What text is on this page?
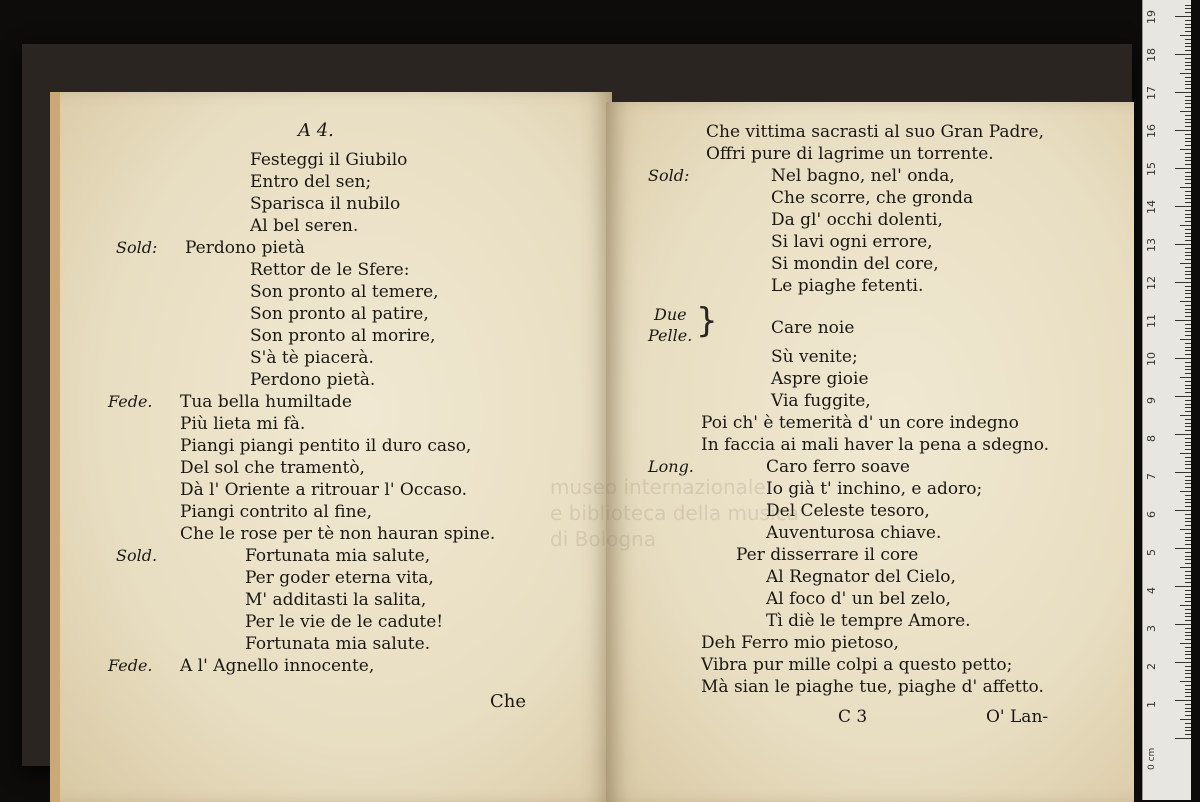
A 4.
Che
Festeggi il Giubilo
Entro del sen;
Sparisca il nubilo
Al bel seren.
Sold: Perdono pietà
Rettor de le Sfere:
Son pronto al temere,
Son pronto al patire,
Son pronto al morire,
S'à tè piacerà.
Perdono pietà.
Fede. Tua bella humiltade
Più lieta mi fà.
Piangi piangi pentito il duro caso,
Del sol che tramentò,
Dà l' Oriente a ritrouar l' Occaso.
Piangi contrito al fine,
Che le rose per tè non hauran spine.
Sold.	Fortunata mia salute,
Per goder eterna vita,
M' additasti la salita,
Per le vie de le cadute!
Fortunata mia salute.
Fede. A l' Agnello innocente,
C 3	O' Lan-
Che vittima sacrasti al suo Gran Padre,
Offri pure di lagrime un torrente.
Sold:	Nel bagno, nel' onda,
Che scorre, che gronda
Da gl' occhi dolenti,
Si lavi ogni errore,
Si mondin del core,
Le piaghe fetenti.
Due
Pelle.	Care noie
Sù venite;
Aspre gioie
Via fuggite,
Poi ch' è temerità d' un core indegno
In faccia ai mali haver la pena a sdegno.
Long.	Caro ferro soave
Io già t' inchino, e adoro;
Del Celeste tesoro,
Auventurosa chiave.
Per disserrare il core
Al Regnator del Cielo,
Al foco d' un bel zelo,
Tì diè le tempre Amore.
Deh Ferro mio pietoso,
Vibra pur mille colpi a questo petto;
Mà sian le piaghe tue, piaghe d' affetto.
}
museo internazionale
e biblioteca della musica
di Bologna
0 cm
1
2
3
4
5
6
7
8
9
10
11
12
13
14
15
16
17
18
19
